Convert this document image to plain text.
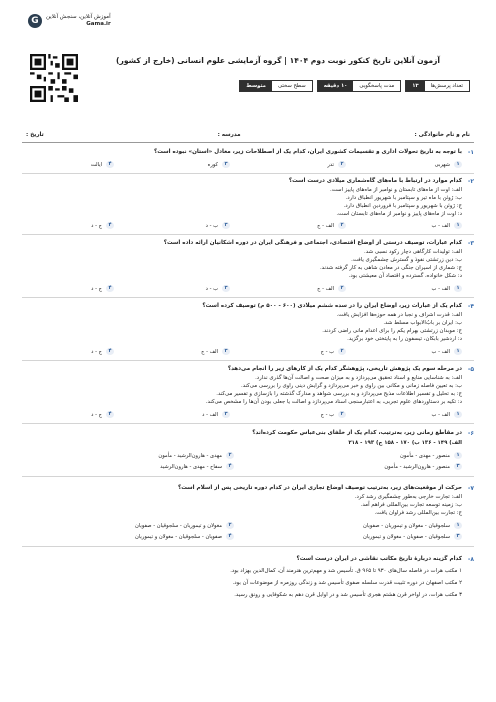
G	آموزش آنلاین، سنجش آنلاین
Gama.ir
آزمون آنلاین تاریخ کنکور نوبت دوم ۱۴۰۴ | گروه آزمایشی علوم انسانی (خارج از کشور)
تعداد پرسش‌ها
۱۳
مدت پاسخگویی
۱۰ دقیقه
سطح سختی
متوسط
نام و نام خانوادگی :
مدرسه :
تاریخ :
۱-
با توجه به تاریخ تحولات اداری و تقسیمات کشوری ایران، کدام یک از اصطلاحات زیر، معادل «استان» نبوده است؟
۱
شهربی
۲
تدر
۳
کوره
۴
ایالت
۲-
کدام موارد در ارتباط با ماه‌های گاه‌شماری میلادی درست است؟
الف: اوت از ماه‌های تابستان و نوامبر از ماه‌های پاییز است.
ب: ژوئن با ماه تیر و سپتامبر با شهریور انطباق دارد.
ج: ژوئن با شهریور و سپتامبر با فروردین انطباق دارد.
د: اوت از ماه‌های پاییز و نوامبر از ماه‌های تابستان است.
۱
الف - ب
۲
الف - ج
۳
ب - د
۴
ج - د
۳-
کدام عبارات، توصیف درستی از اوضاع اقتصادی، اجتماعی و فرهنگی ایران در دوره اشکانیان ارائه داده است؟
الف: تولیدات کارگاهی دچار رکود نسبی شد.
ب: دین زرتشتی نفوذ و گسترش چشمگیری یافت.
ج: شماری از اسیران جنگی در معادن شاهی به کار گرفته شدند.
د: شکل خانواده، گسترده و اقتصاد آن معیشتی بود.
۱
الف - ب
۲
الف - ج
۳
ب - د
۴
ج - د
۴-
کدام یک از عبارات زیر، اوضاع ایران را در سده ششم میلادی (۶۰۰ - ۵۰۰ م) توصیف کرده است؟
الف: قدرت اشراف و نجبا در همه حوزه‌ها افزایش یافت.
ب: ایران بر بابُ‌الابواب مسلط شد.
ج: موبدان زرتشتی بهرام یکم را برای اعدام مانی راضی کردند.
د: اردشیر بابکان، تیسفون را به پایتختی خود برگزید.
۱
الف - ب
۲
ب - ج
۳
الف - ج
۴
ج - د
۵-
در مرحله سوم یک پژوهش تاریخی، پژوهشگر کدام یک از کارهای زیر را انجام می‌دهد؟
الف: به شناسایی منابع و اسناد تحقیق می‌پردازد و به میزان صحت و اصالت آن‌ها گذری ندارد.
ب: به تعیین فاصله زمانی و مکانی بین راوی و خبر می‌پردازد و گرایش دینی راوی را بررسی می‌کند.
ج: به تحلیل و تفسیر اطلاعات مذبح می‌پردازد و به بررسی شواهد و مدارک گذشته را بازسازی و تفسیر می‌کند.
د: تکیه بر دستاوردهای علوم تجربی، به اعتبارسنجی اسناد می‌پردازد و اصالت یا جعلی بودن آن‌ها را مشخص می‌کند.
۱
الف - ب
۲
ب - ج
۳
الف - د
۴
ج - د
۶-
در مقاطع زمانی زیر، به‌ترتیب، کدام یک از خلفای بنی‌عباس حکومت کرده‌اند؟
الف) ۱۴۹ - ۱۳۶ ب) ۱۷۰ - ۱۵۸ ج) ۱۹۳ - ۲۱۸
۱
منصور - مهدی - مأمون
۲
مهدی - هارون‌الرشید - مأمون
۳
منصور - هارون‌الرشید - مأمون
۴
سفاح - مهدی - هارون‌الرشید
۷-
حرکت از موقعیت‌های زیر، به‌ترتیب توصیف اوضاع تجاری ایران در کدام دوره تاریخی پس از اسلام است؟
الف: تجارت خارجی به‌طور چشمگیری رشد کرد.
ب: زمینه توسعه تجارت بین‌المللی فراهم آمد.
ج: تجارت بین‌المللی رشد فراوان یافت.
۱
سلجوقیان - مغولان و تیموریان - صفویان
۲
مغولان و تیموریان - سلجوقیان - صفویان
۳
سلجوقیان - صفویان - مغولان و تیموریان
۴
صفویان - سلجوقیان - مغولان و تیموریان
۸-
کدام گزینه دربارهٔ تاریخ مکاتب نقاشی در ایران درست است؟
۱ مکتب هرات در فاصله سال‌های ۹۳۰ تا ۹۶۵ ق. تأسیس شد و مهم‌ترین هنرمند آن، کمال‌الدین بهزاد بود.
۲ مکتب اصفهان در دوره تثبیت قدرت سلسله صفوی تأسیس شد و زندگی روزمره از موضوعات آن بود.
۳ مکتب هرات، در اواخر قرن هشتم هجری تأسیس شد و در اوایل قرن دهم به شکوفایی و رونق رسید.
